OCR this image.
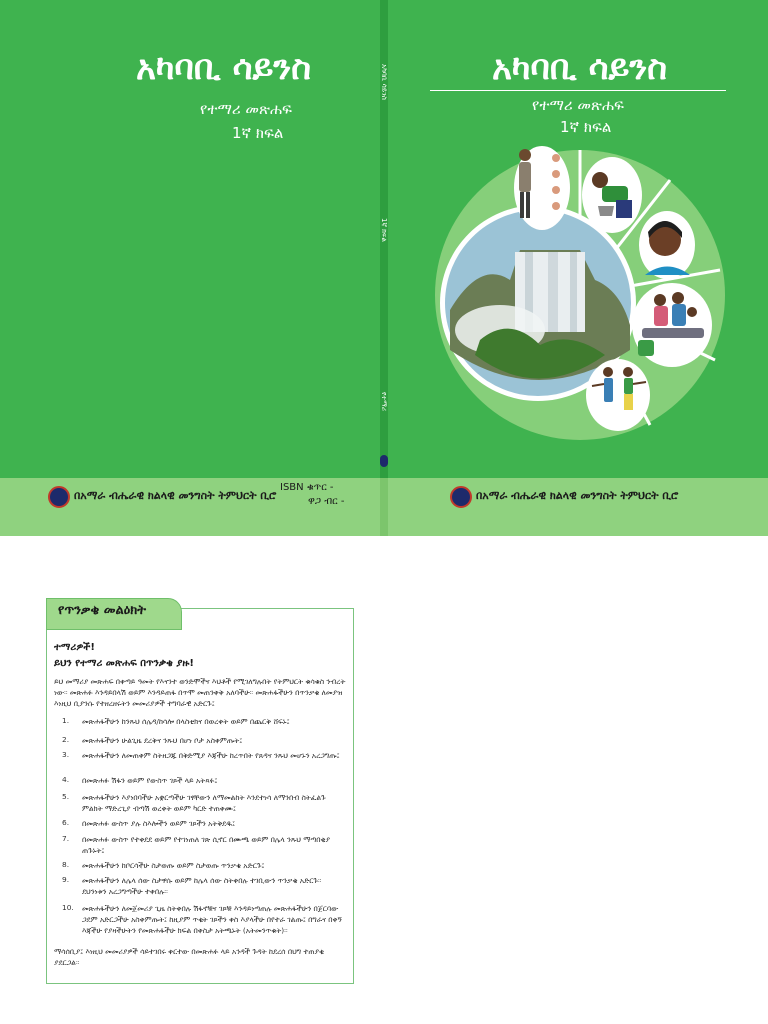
አካባቢ ሳይንስ
የተማሪ መጽሐፍ
1ኛ ክፍል
አካባቢ ሳይንስ
1ኛ ክፍል
የተማሪ
አካባቢ ሳይንስ
የተማሪ መጽሐፍ
1ኛ ክፍል
በአማራ ብሔራዊ ክልላዊ መንግስት ትምህርት ቢሮ
ISBN ቁጥር -
ዋጋ ብር -	በአማራ ብሔራዊ ክልላዊ መንግስት ትምህርት ቢሮ
የጥንቃቄ መልዕክት
ተማሪዎች!
ይህን የተማሪ መጽሐፍ በጥንቃቄ ያዙ!
ይህ መማሪያ መጽሐፍ በቀጣይ ዓመት የእናንተ ወንድሞችና እህቶች የሚገለግሉበት የትምህርት ቁሳቁስ ንብረት ነው። መጽሐፉ እንዳይበላሽ ወይም እንዳይጠፋ በጥሞ መጠንቀቅ አለባችሁ። መጽሐፋችሁን በጥንቃቄ ለመያዝ እነዚህ ቢያንሱ የተዘረዘሩትን መመሪያዎች ተግባራዊ አድርጉ፤
1. መጽሐፋችሁን ከንጹህ ሰሌዳ/ከሳሎ በላስቲክና በወረቀት ወይም በጨርቅ ሸፍኑ፤
2. መጽሐፋችሁን ሁልጊዜ ደረቅና ንጹህ በሆነ ቦታ አስቀምጡት፤
3. መጽሐፋችሁን ለመጠቀም ስትዘጋጁ በቅድሚያ እጃችሁ ከረጥበት የጸዳና ንጹህ መሆኑን አረጋግጡ፤
4. በመጽሐፉ ሽፋን ወይም የውስጥ ገጾች ላይ አትጻፉ፤
5. መጽሐፋችሁን እያነበባችሁ አቋርጣችሁ ገፃቸውን ለማመልከት እንደተነሳ ለማንበብ ስትፈልጉ ምልክት ማድረጊያ ብጣሽ ወረቀት ወይም ካርድ ተጠቀሙ፤
6. በመጽሐፉ ውስጥ ያሉ ስእሎችን ወይም ገጾችን አትቅደዱ፤
7. በመጽሐፉ ውስጥ የተቀደደ ወይም የተገነጠለ ገጽ ሲኖር በሙጫ ወይም በሌላ ንጹህ ማጣበቂያ ጠጉኑት፤
8. መጽሐፋችሁን ከቦርሳችሁ ስታወጡ ወይም ስታወጡ ጥንቃቄ አድርጉ፤
9. መጽሐፋችሁን ለሌላ ሰው ስታዋሱ ወይም ከሌላ ሰው ስትቀበሉ ተገቢውን ጥንቃቄ አድርጉ። ደህንነቱን አረጋግጣችሁ ተቀበሉ።
10. መጽሐፋችሁን ለመጀመሪያ ጊዜ ስትቀበሉ ሽፋኖቹና ገጾቹ እንዳይነጣጠሉ መጽሐፋችሁን በጀርባው ጋደም አድርጋችሁ አስቀምጡት፤ ከዚያም ጥቂት ገጾችን ቀስ እያላችሁ በየተራ ገልጡ፤ በግራና በቀኝ እጃችሁ የያዛችሁትን የመጽሐፋችሁ ክፍል በቀስታ አትጫኑት (አትመንጥቁት)።
ማሳሰቢያ፤ እነዚህ መመሪያዎች ሳይተገበሩ ቀርተው በመጽሐፉ ላይ አንዳች ጉዳት ከደረሰ በህግ ተጠያቂ ያደርጋል።
